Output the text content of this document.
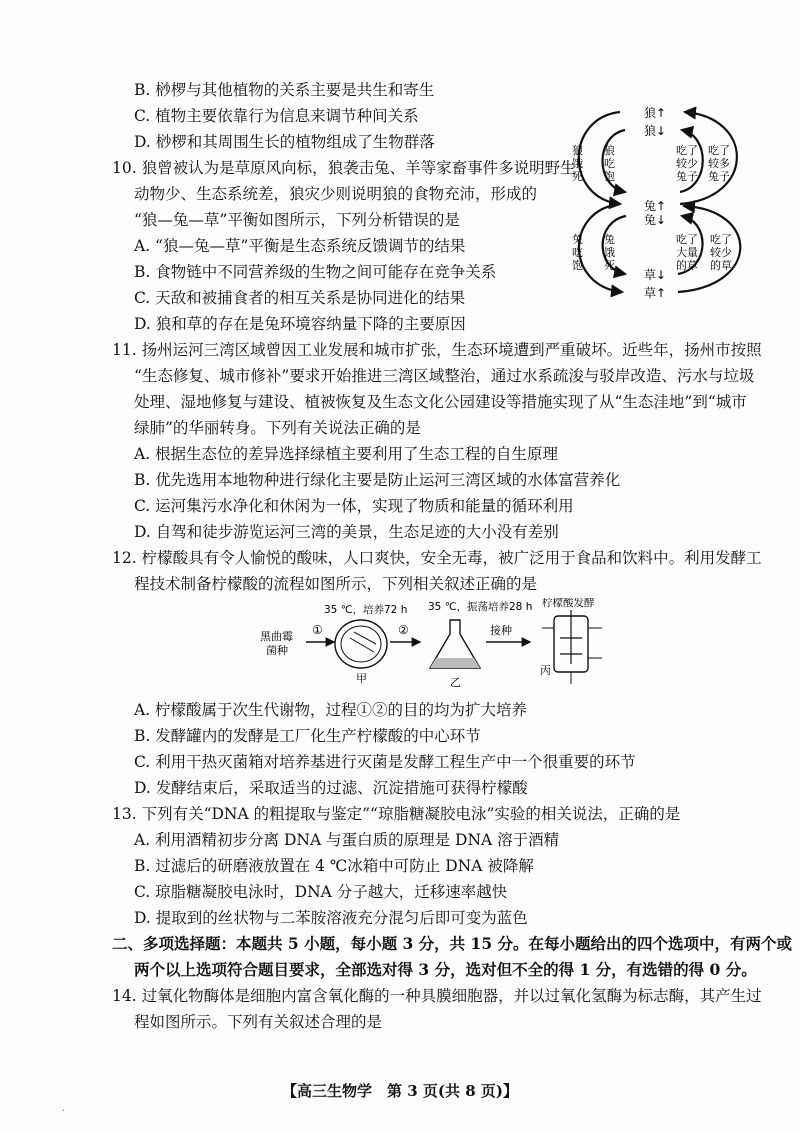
B. 桫椤与其他植物的关系主要是共生和寄生
C. 植物主要依靠行为信息来调节种间关系
D. 桫椤和其周围生长的植物组成了生物群落
10. 狼曾被认为是草原风向标，狼袭击兔、羊等家畜事件多说明野生
动物少、生态系统差，狼灾少则说明狼的食物充沛，形成的
“狼—兔—草”平衡如图所示，下列分析错误的是
A. “狼—兔—草”平衡是生态系统反馈调节的结果
B. 食物链中不同营养级的生物之间可能存在竞争关系
C. 天敌和被捕食者的相互关系是协同进化的结果
D. 狼和草的存在是兔环境容纳量下降的主要原因
狼↑
狼↓
兔↑
兔↓
草↓
草↑
狼
饿
死
狼
吃
饱
吃了
较少
兔子
吃了
较多
兔子
兔
吃
饱
兔
饿
死
吃了
大量
的草
吃了
较少
的草
11. 扬州运河三湾区域曾因工业发展和城市扩张，生态环境遭到严重破坏。近些年，扬州市按照
“生态修复、城市修补”要求开始推进三湾区域整治，通过水系疏浚与驳岸改造、污水与垃圾
处理、湿地修复与建设、植被恢复及生态文化公园建设等措施实现了从“生态洼地”到“城市
绿肺”的华丽转身。下列有关说法正确的是
A. 根据生态位的差异选择绿植主要利用了生态工程的自生原理
B. 优先选用本地物种进行绿化主要是防止运河三湾区域的水体富营养化
C. 运河集污水净化和休闲为一体，实现了物质和能量的循环利用
D. 自驾和徒步游览运河三湾的美景，生态足迹的大小没有差别
12. 柠檬酸具有令人愉悦的酸味，人口爽快，安全无毒，被广泛用于食品和饮料中。利用发酵工
程技术制备柠檬酸的流程如图所示，下列相关叙述正确的是
黑曲霉
菌种
①
35 ℃，培养72 h
甲
②
35 ℃，振荡培养28 h
乙
接种
柠檬酸发酵
丙
A. 柠檬酸属于次生代谢物，过程①②的目的均为扩大培养
B. 发酵罐内的发酵是工厂化生产柠檬酸的中心环节
C. 利用干热灭菌箱对培养基进行灭菌是发酵工程生产中一个很重要的环节
D. 发酵结束后，采取适当的过滤、沉淀措施可获得柠檬酸
13. 下列有关“DNA 的粗提取与鉴定”“琼脂糖凝胶电泳”实验的相关说法，正确的是
A. 利用酒精初步分离 DNA 与蛋白质的原理是 DNA 溶于酒精
B. 过滤后的研磨液放置在 4 ℃冰箱中可防止 DNA 被降解
C. 琼脂糖凝胶电泳时，DNA 分子越大，迁移速率越快
D. 提取到的丝状物与二苯胺溶液充分混匀后即可变为蓝色
二、多项选择题：本题共 5 小题，每小题 3 分，共 15 分。在每小题给出的四个选项中，有两个或
两个以上选项符合题目要求，全部选对得 3 分，选对但不全的得 1 分，有选错的得 0 分。
14. 过氧化物酶体是细胞内富含氧化酶的一种具膜细胞器，并以过氧化氢酶为标志酶，其产生过
程如图所示。下列有关叙述合理的是
【高三生物学　第 3 页(共 8 页)】
.
